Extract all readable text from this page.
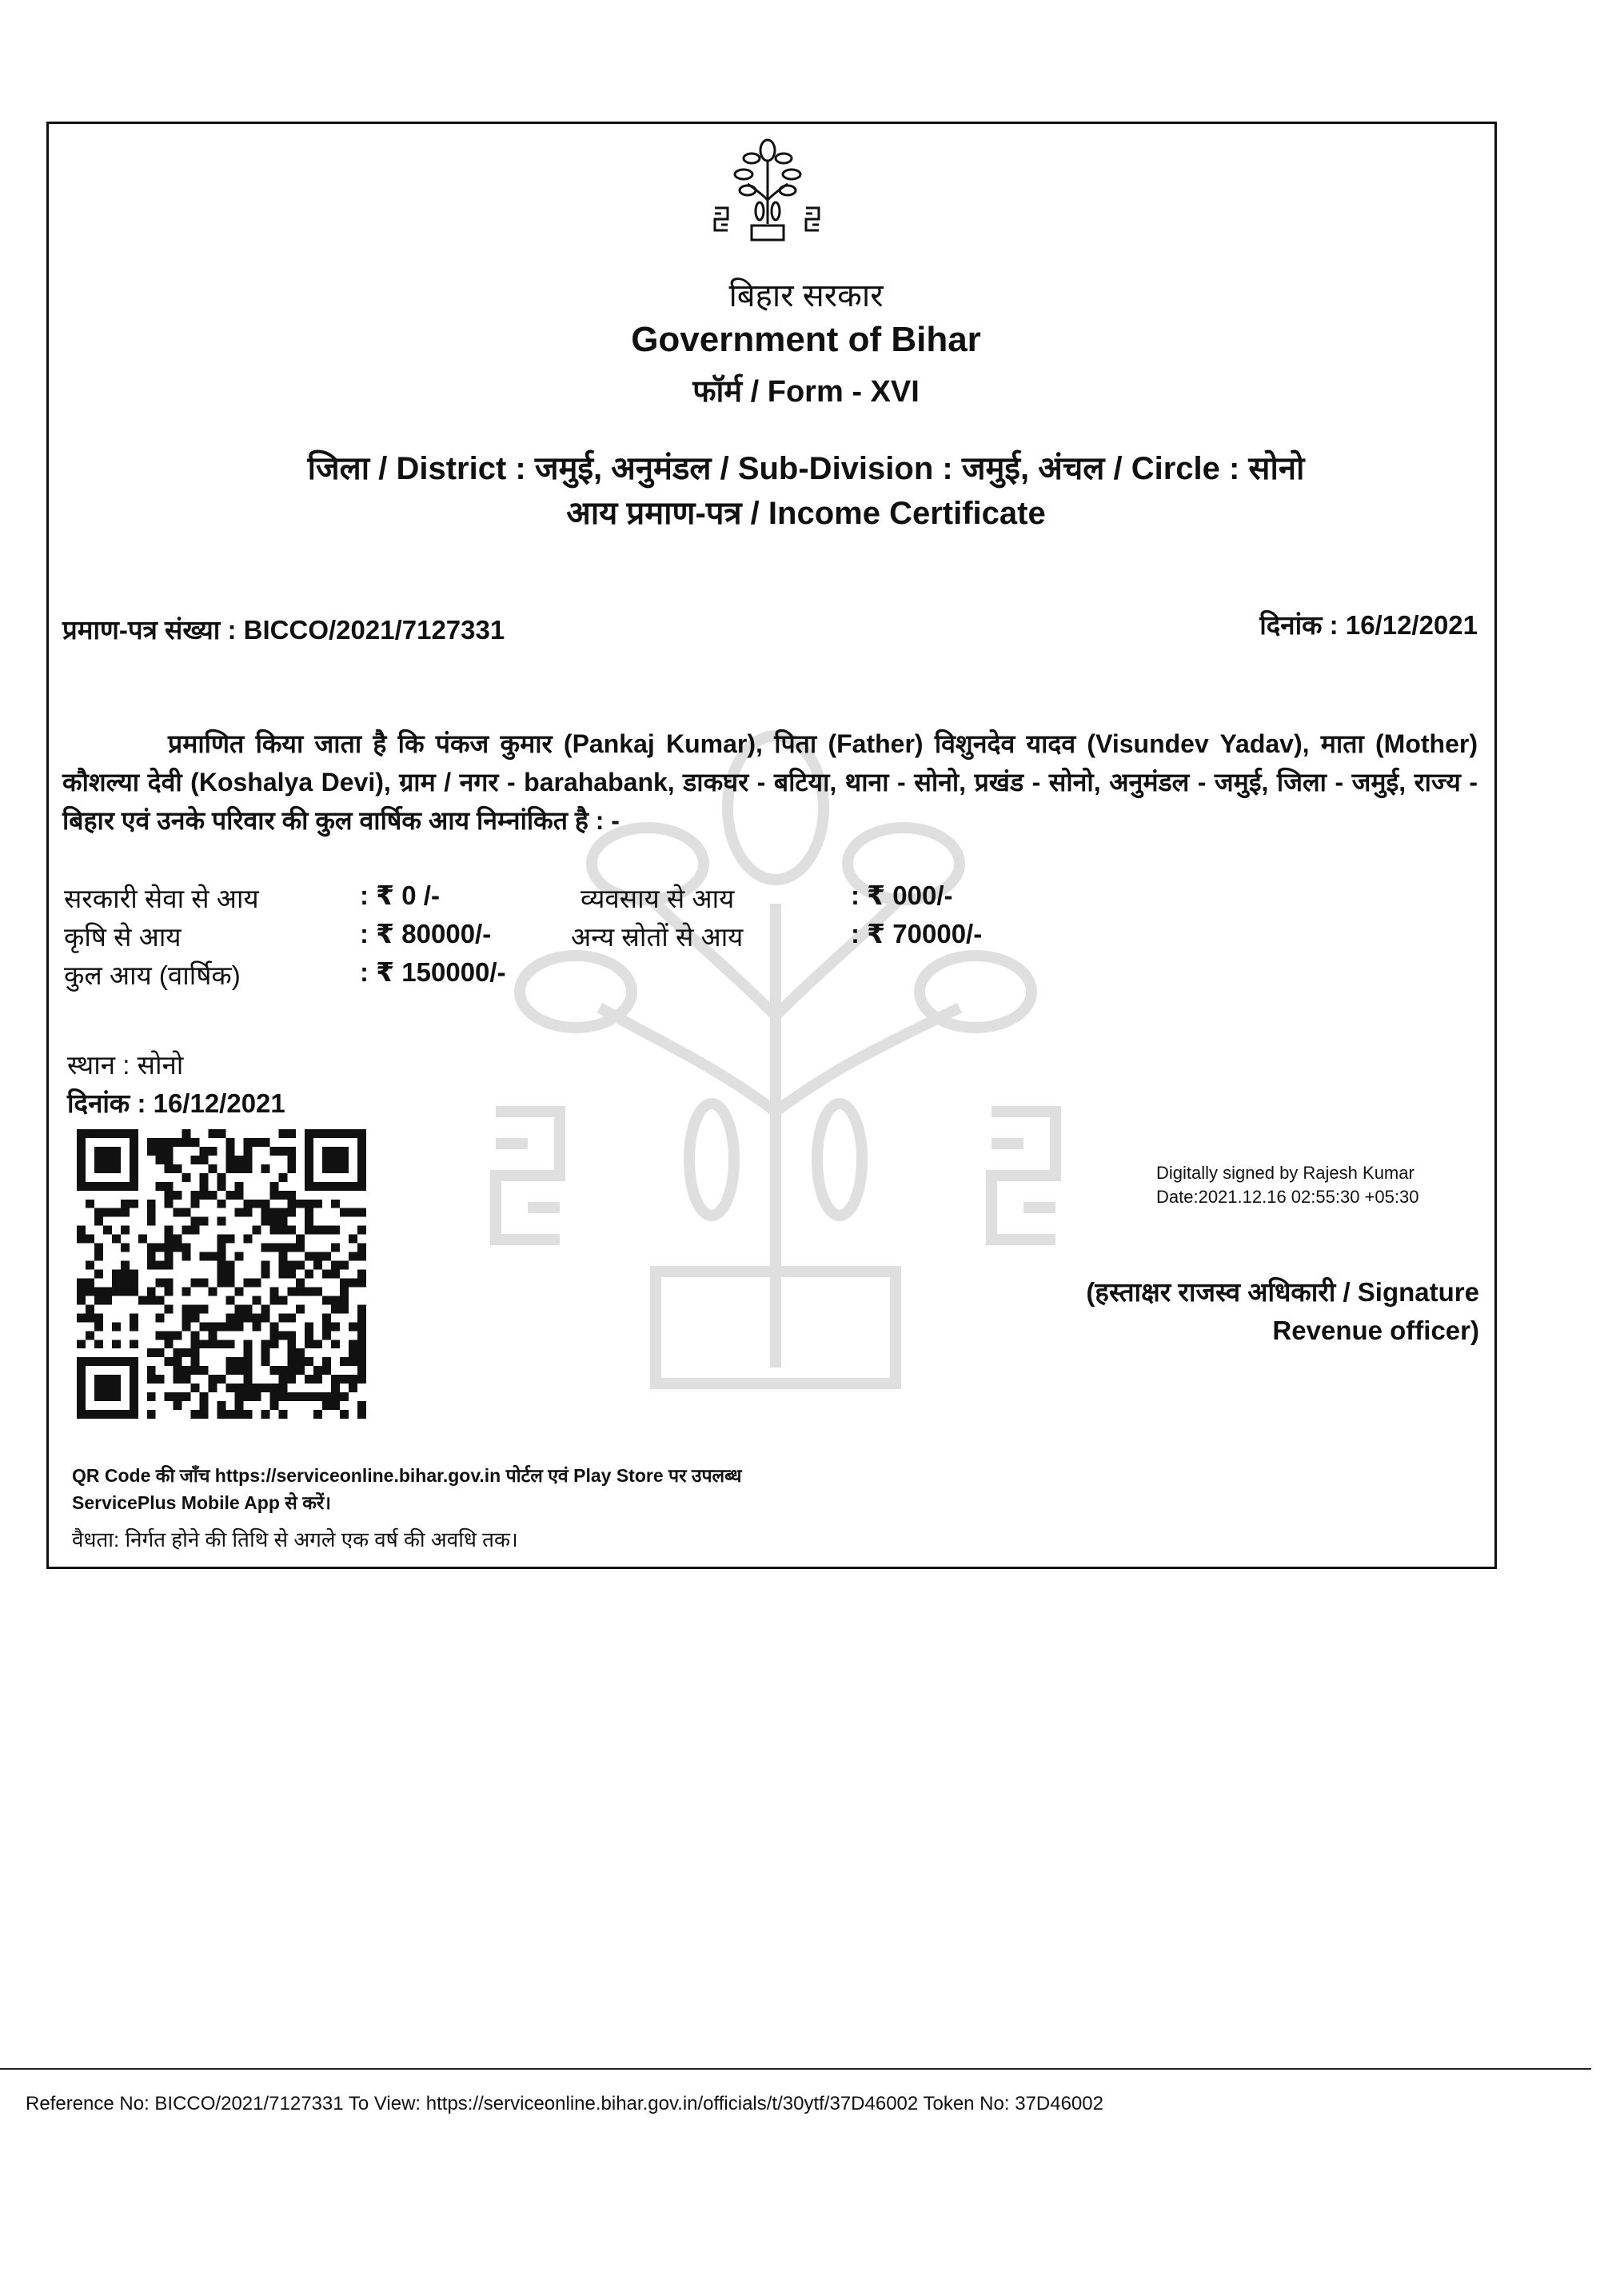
बिहार सरकार
Government of Bihar
फॉर्म / Form - XVI
जिला / District : जमुई, अनुमंडल / Sub-Division : जमुई, अंचल / Circle : सोनो
आय प्रमाण-पत्र / Income Certificate
प्रमाण-पत्र संख्या : BICCO/2021/7127331	दिनांक : 16/12/2021
प्रमाणित किया जाता है कि पंकज कुमार (Pankaj Kumar), पिता (Father) विशुनदेव यादव (Visundev Yadav), माता (Mother) कौशल्या देवी (Koshalya Devi), ग्राम / नगर - barahabank, डाकघर - बटिया, थाना - सोनो, प्रखंड - सोनो, अनुमंडल - जमुई, जिला - जमुई, राज्य - बिहार एवं उनके परिवार की कुल वार्षिक आय निम्नांकित है : -
सरकारी सेवा से आय	: ₹ 0 /-	व्यवसाय से आय	: ₹ 000/-
कृषि से आय	: ₹ 80000/-	अन्य स्रोतों से आय	: ₹ 70000/-
कुल आय (वार्षिक)	: ₹ 150000/-
स्थान : सोनो
दिनांक : 16/12/2021
Digitally signed by Rajesh Kumar
Date:2021.12.16 02:55:30 +05:30
(हस्ताक्षर राजस्व अधिकारी / Signature
Revenue officer)
QR Code की जाँच https://serviceonline.bihar.gov.in पोर्टल एवं Play Store पर उपलब्ध
ServicePlus Mobile App से करें।
वैधता: निर्गत होने की तिथि से अगले एक वर्ष की अवधि तक।
Reference No: BICCO/2021/7127331 To View: https://serviceonline.bihar.gov.in/officials/t/30ytf/37D46002 Token No: 37D46002
